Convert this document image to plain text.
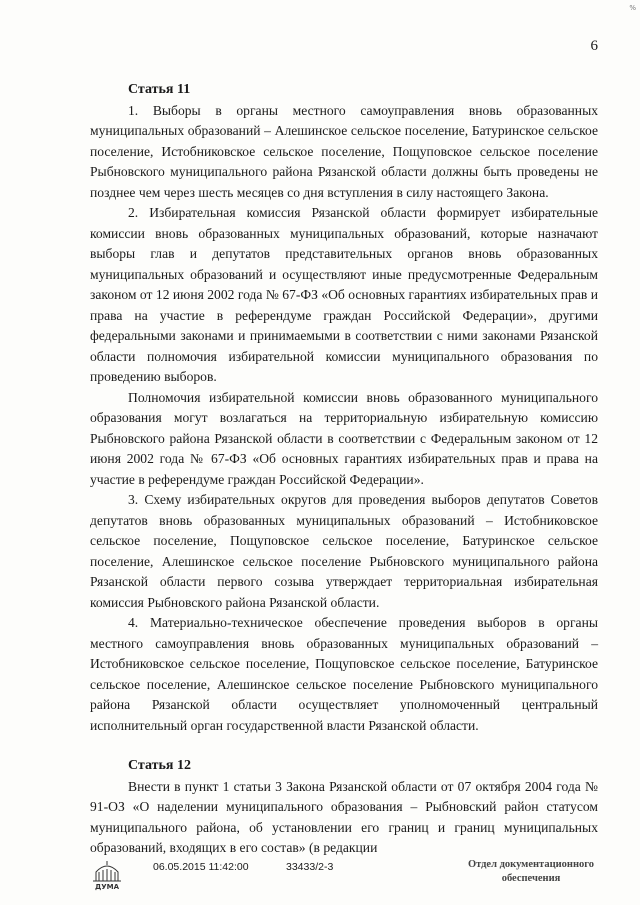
%
6

Статья 11

1. Выборы в органы местного самоуправления вновь образованных муниципальных образований – Алешинское сельское поселение, Батуринское сельское поселение, Истобниковское сельское поселение, Пощуповское сельское поселение Рыбновского муниципального района Рязанской области должны быть проведены не позднее чем через шесть месяцев со дня вступления в силу настоящего Закона.

2. Избирательная комиссия Рязанской области формирует избирательные комиссии вновь образованных муниципальных образований, которые назначают выборы глав и депутатов представительных органов вновь образованных муниципальных образований и осуществляют иные предусмотренные Федеральным законом от 12 июня 2002 года № 67-ФЗ «Об основных гарантиях избирательных прав и права на участие в референдуме граждан Российской Федерации», другими федеральными законами и принимаемыми в соответствии с ними законами Рязанской области полномочия избирательной комиссии муниципального образования по проведению выборов.

Полномочия избирательной комиссии вновь образованного муниципального образования могут возлагаться на территориальную избирательную комиссию Рыбновского района Рязанской области в соответствии с Федеральным законом от 12 июня 2002 года № 67-ФЗ «Об основных гарантиях избирательных прав и права на участие в референдуме граждан Российской Федерации».

3. Схему избирательных округов для проведения выборов депутатов Советов депутатов вновь образованных муниципальных образований – Истобниковское сельское поселение, Пощуповское сельское поселение, Батуринское сельское поселение, Алешинское сельское поселение Рыбновского муниципального района Рязанской области первого созыва утверждает территориальная избирательная комиссия Рыбновского района Рязанской области.

4. Материально-техническое обеспечение проведения выборов в органы местного самоуправления вновь образованных муниципальных образований – Истобниковское сельское поселение, Пощуповское сельское поселение, Батуринское сельское поселение, Алешинское сельское поселение Рыбновского муниципального района Рязанской области осуществляет уполномоченный центральный исполнительный орган государственной власти Рязанской области.

Статья 12

Внести в пункт 1 статьи 3 Закона Рязанской области от 07 октября 2004 года № 91-ОЗ «О наделении муниципального образования – Рыбновский район статусом муниципального района, об установлении его границ и границ муниципальных образований, входящих в его состав» (в редакции

ДУМА
06.05.2015 11:42:00	33433/2-3	Отдел документационного
обеспечения
